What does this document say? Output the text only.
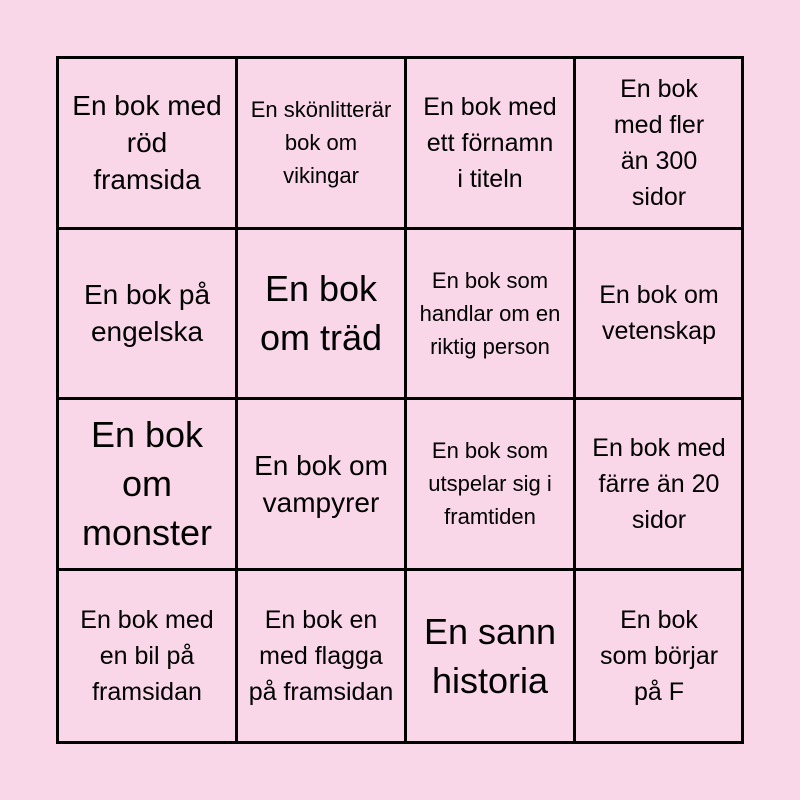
En bok med röd framsida
En skönlitterär bok om vikingar
En bok med ett förnamn i titeln
En bok med fler än 300 sidor
En bok på engelska
En bok om träd
En bok som handlar om en riktig person
En bok om vetenskap
En bok om monster
En bok om vampyrer
En bok som utspelar sig i framtiden
En bok med färre än 20 sidor
En bok med en bil på framsidan
En bok en med flagga på framsidan
En sann historia
En bok som börjar på F
